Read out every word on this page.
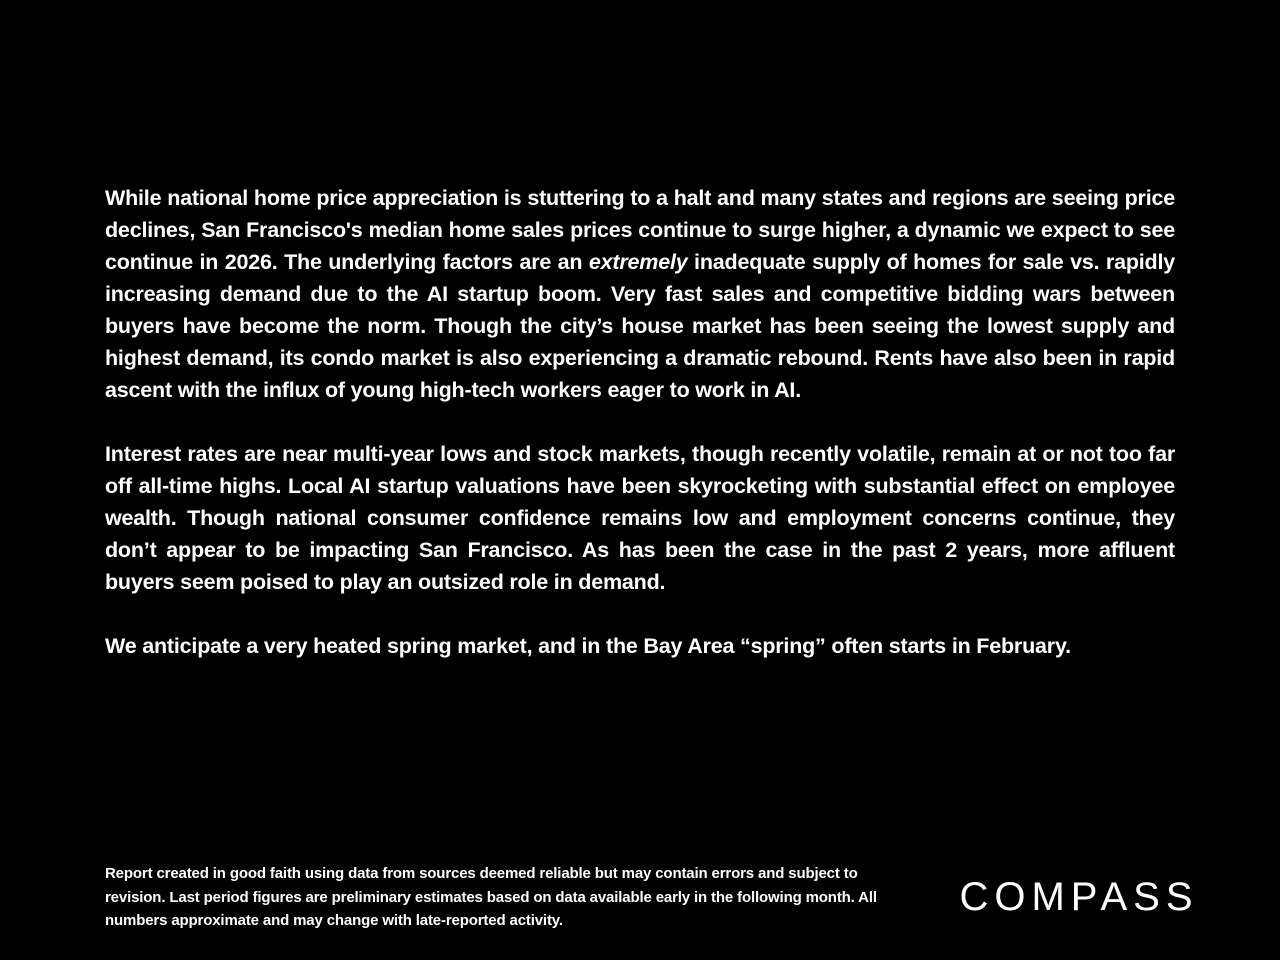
While national home price appreciation is stuttering to a halt and many states and regions are seeing price declines, San Francisco's median home sales prices continue to surge higher, a dynamic we expect to see continue in 2026. The underlying factors are an extremely inadequate supply of homes for sale vs. rapidly increasing demand due to the AI startup boom. Very fast sales and competitive bidding wars between buyers have become the norm. Though the city’s house market has been seeing the lowest supply and highest demand, its condo market is also experiencing a dramatic rebound. Rents have also been in rapid ascent with the influx of young high-tech workers eager to work in AI.

Interest rates are near multi-year lows and stock markets, though recently volatile, remain at or not too far off all-time highs. Local AI startup valuations have been skyrocketing with substantial effect on employee wealth. Though national consumer confidence remains low and employment concerns continue, they don’t appear to be impacting San Francisco. As has been the case in the past 2 years, more affluent buyers seem poised to play an outsized role in demand.

We anticipate a very heated spring market, and in the Bay Area “spring” often starts in February.

Report created in good faith using data from sources deemed reliable but may contain errors and subject to revision. Last period figures are preliminary estimates based on data available early in the following month. All numbers approximate and may change with late-reported activity.
COMPASS
